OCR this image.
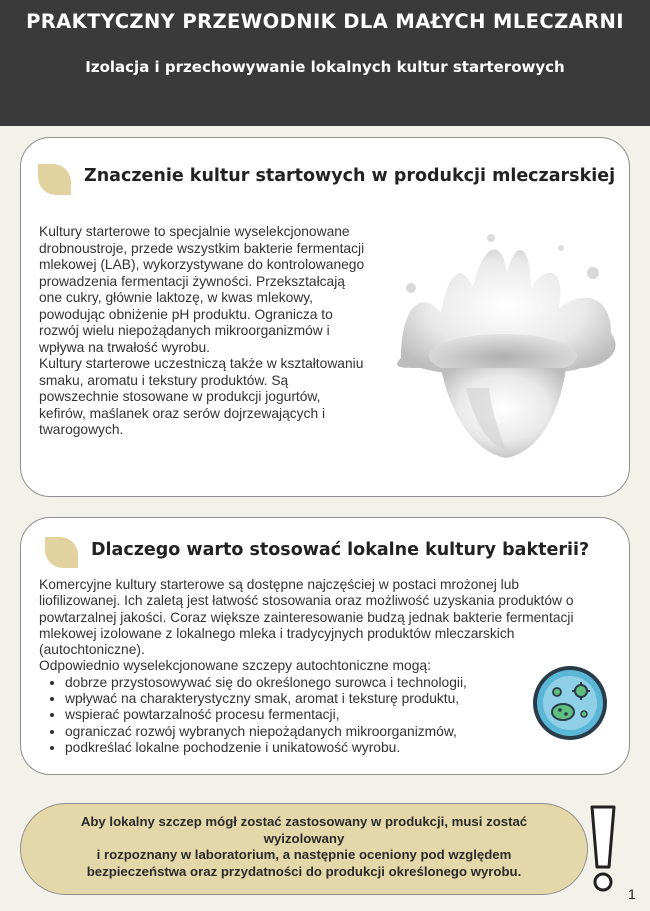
PRAKTYCZNY PRZEWODNIK DLA MAŁYCH MLECZARNI
Izolacja i przechowywanie lokalnych kultur starterowych
Znaczenie kultur startowych w produkcji mleczarskiej

Kultury starterowe to specjalnie wyselekcjonowane drobnoustroje, przede wszystkim bakterie fermentacji mlekowej (LAB), wykorzystywane do kontrolowanego prowadzenia fermentacji żywności. Przekształcają one cukry, głównie laktozę, w kwas mlekowy, powodując obniżenie pH produktu. Ogranicza to rozwój wielu niepożądanych mikroorganizmów i wpływa na trwałość wyrobu.

Kultury starterowe uczestniczą także w kształtowaniu smaku, aromatu i tekstury produktów. Są powszechnie stosowane w produkcji jogurtów, kefirów, maślanek oraz serów dojrzewających i twarogowych.

Dlaczego warto stosować lokalne kultury bakterii?

Komercyjne kultury starterowe są dostępne najczęściej w postaci mrożonej lub liofilizowanej. Ich zaletą jest łatwość stosowania oraz możliwość uzyskania produktów o powtarzalnej jakości. Coraz większe zainteresowanie budzą jednak bakterie fermentacji mlekowej izolowane z lokalnego mleka i tradycyjnych produktów mleczarskich (autochtoniczne).

Odpowiednio wyselekcjonowane szczepy autochtoniczne mogą:

• dobrze przystosowywać się do określonego surowca i technologii,
• wpływać na charakterystyczny smak, aromat i teksturę produktu,
• wspierać powtarzalność procesu fermentacji,
• ograniczać rozwój wybranych niepożądanych mikroorganizmów,
• podkreślać lokalne pochodzenie i unikatowość wyrobu.

Aby lokalny szczep mógł zostać zastosowany w produkcji, musi zostać wyizolowany
i rozpoznany w laboratorium, a następnie oceniony pod względem bezpieczeństwa oraz przydatności do produkcji określonego wyrobu.

1
